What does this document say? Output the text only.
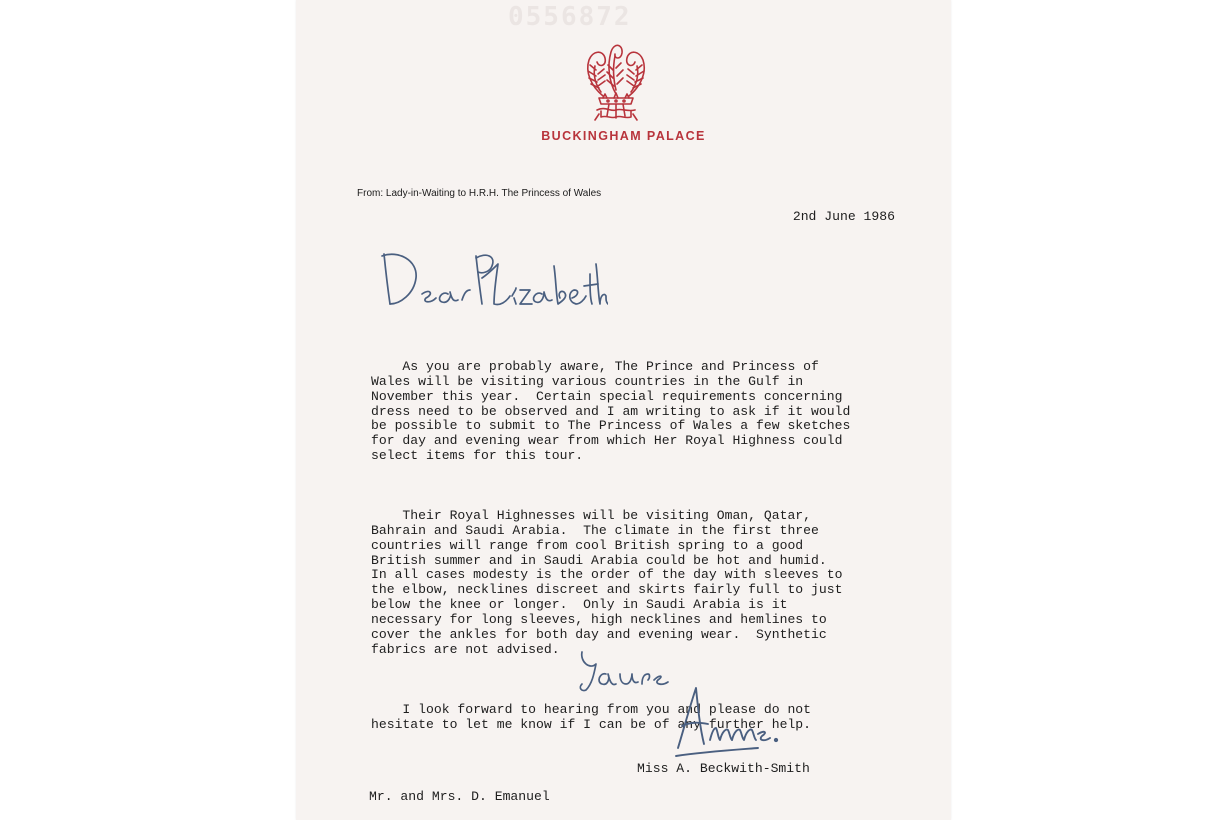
0556872
BUCKINGHAM PALACE
From: Lady-in-Waiting to H.R.H. The Princess of Wales
2nd June 1986

As you are probably aware, The Prince and Princess of
Wales will be visiting various countries in the Gulf in
November this year.  Certain special requirements concerning
dress need to be observed and I am writing to ask if it would
be possible to submit to The Princess of Wales a few sketches
for day and evening wear from which Her Royal Highness could
select items for this tour.

Their Royal Highnesses will be visiting Oman, Qatar,
Bahrain and Saudi Arabia.  The climate in the first three
countries will range from cool British spring to a good
British summer and in Saudi Arabia could be hot and humid.
In all cases modesty is the order of the day with sleeves to
the elbow, necklines discreet and skirts fairly full to just
below the knee or longer.  Only in Saudi Arabia is it
necessary for long sleeves, high necklines and hemlines to
cover the ankles for both day and evening wear.  Synthetic
fabrics are not advised.

I look forward to hearing from you and please do not
hesitate to let me know if I can be of any further help.

Miss A. Beckwith-Smith
Mr. and Mrs. D. Emanuel
